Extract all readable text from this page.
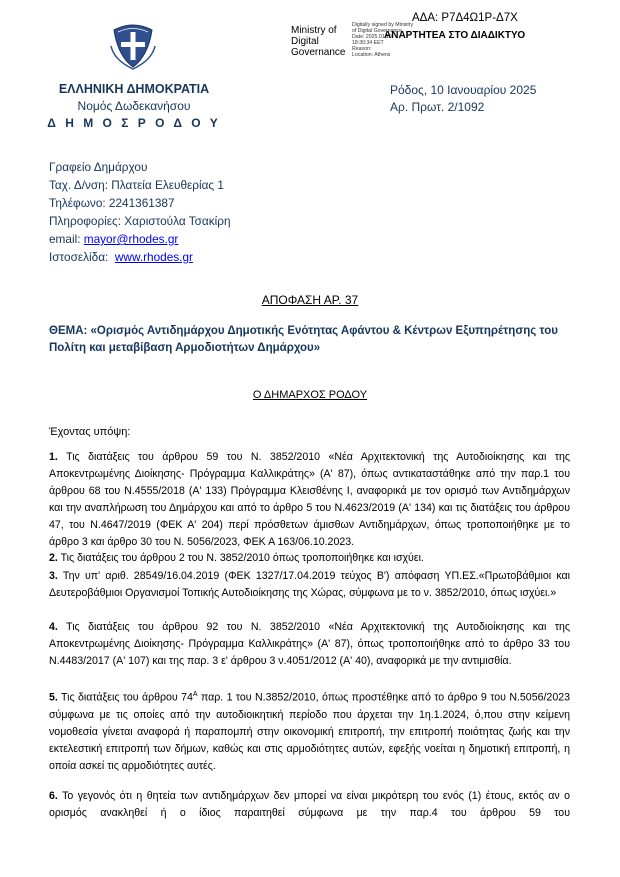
ΕΛΛΗΝΙΚΗ ΔΗΜΟΚΡΑΤΙΑ
Νομός Δωδεκανήσου
Δ Η Μ Ο Σ Ρ Ο Δ Ο Υ
ΑΔΑ: Ρ7Δ4Ω1Ρ-Δ7Χ
Ministry of
Digital
Governance
Digitally signed by Ministry
of Digital Governance
Date: 2025.01.10
18:30:34 EET
Reason:
Location: Athens
ΑΝΑΡΤΗΤΕΑ ΣΤΟ ΔΙΑΔΙΚΤΥΟ
Ρόδος, 10 Ιανουαρίου 2025
Αρ. Πρωτ. 2/1092
Γραφείο Δημάρχου
Ταχ. Δ/νση: Πλατεία Ελευθερίας 1
Τηλέφωνο: 2241361387
Πληροφορίες: Χαριστούλα Τσακίρη
email: mayor@rhodes.gr
Ιστοσελίδα:  www.rhodes.gr
ΑΠΟΦΑΣΗ ΑΡ. 37
ΘΕΜΑ: «Ορισμός Αντιδημάρχου Δημοτικής Ενότητας Αφάντου & Κέντρων Εξυπηρέτησης του Πολίτη και μεταβίβαση Αρμοδιοτήτων Δημάρχου»
Ο ΔΗΜΑΡΧΟΣ ΡΟΔΟΥ
Έχοντας υπόψη:
1. Τις διατάξεις του άρθρου 59 του Ν. 3852/2010 «Νέα Αρχιτεκτονική της Αυτοδιοίκησης και της Αποκεντρωμένης Διοίκησης- Πρόγραμμα Καλλικράτης» (Α' 87), όπως αντικαταστάθηκε από την παρ.1 του άρθρου 68 του Ν.4555/2018 (Α' 133) Πρόγραμμα Κλεισθένης Ι, αναφορικά με τον ορισμό των Αντιδημάρχων και την αναπλήρωση του Δημάρχου και από το άρθρο 5 του Ν.4623/2019 (Α' 134) και τις διατάξεις του άρθρου 47, του Ν.4647/2019 (ΦΕΚ Α' 204) περί πρόσθετων άμισθων Αντιδημάρχων, όπως τροποποιήθηκε με το άρθρο 3 και άρθρο 30 του Ν. 5056/2023, ΦΕΚ Α 163/06.10.2023.
2. Τις διατάξεις του άρθρου 2 του Ν. 3852/2010 όπως τροποποιήθηκε και ισχύει.
3. Την υπ' αριθ. 28549/16.04.2019 (ΦΕΚ 1327/17.04.2019 τεύχος Β') απόφαση ΥΠ.ΕΣ.«Πρωτοβάθμιοι και Δευτεροβάθμιοι Οργανισμοί Τοπικής Αυτοδιοίκησης της Χώρας, σύμφωνα με το ν. 3852/2010, όπως ισχύει.»
4. Τις διατάξεις του άρθρου 92 του Ν. 3852/2010 «Νέα Αρχιτεκτονική της Αυτοδιοίκησης και της Αποκεντρωμένης Διοίκησης- Πρόγραμμα Καλλικράτης» (Α' 87), όπως τροποποιήθηκε από το άρθρο 33 του Ν.4483/2017 (Α' 107) και της παρ. 3 ε' άρθρου 3 ν.4051/2012 (Α' 40), αναφορικά με την αντιμισθία.
5. Τις διατάξεις του άρθρου $74^A$ παρ. 1 του Ν.3852/2010, όπως προστέθηκε από το άρθρο 9 του Ν.5056/2023 σύμφωνα με τις οποίες από την αυτοδιοικητική περίοδο που άρχεται την 1η.1.2024, ό,που στην κείμενη νομοθεσία γίνεται αναφορά ή παραπομπή στην οικονομική επιτροπή, την επιτροπή ποιότητας ζωής και την εκτελεστική επιτροπή των δήμων, καθώς και στις αρμοδιότητες αυτών, εφεξής νοείται η δημοτική επιτροπή, η οποία ασκεί τις αρμοδιότητες αυτές.
6. Το γεγονός ότι η θητεία των αντιδημάρχων δεν μπορεί να είναι μικρότερη του ενός (1) έτους, εκτός αν ο ορισμός ανακληθεί ή ο ίδιος παραιτηθεί σύμφωνα με την παρ.4 του άρθρου 59 του
